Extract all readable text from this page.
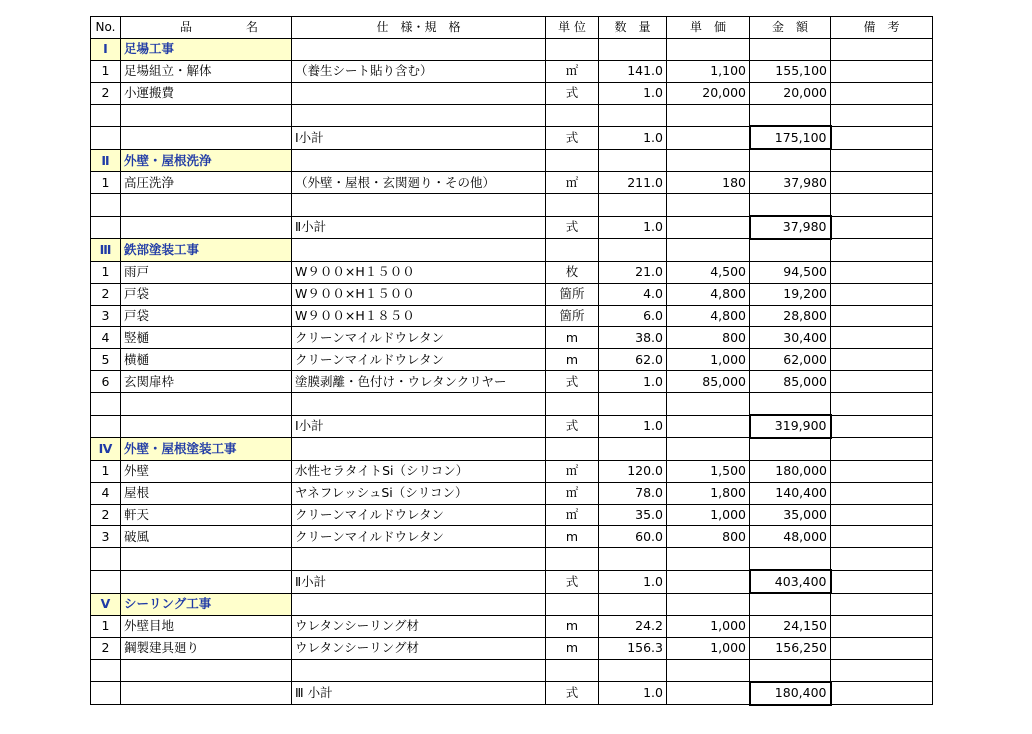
No.	品 名	仕　様・規　格	単 位	数　量	単　価	金　額	備　考
Ⅰ	足場工事						
1	足場組立・解体	（養生シート貼り含む）	㎡	141.0	1,100	155,100	
2	小運搬費		式	1.0	20,000	20,000	

		Ⅰ小計	式	1.0		175,100	
Ⅱ	外壁・屋根洗浄						
1	高圧洗浄	（外壁・屋根・玄関廻り・その他）	㎡	211.0	180	37,980	

		Ⅱ小計	式	1.0		37,980	
Ⅲ	鉄部塗装工事						
1	雨戸	W９００×H１５００	枚	21.0	4,500	94,500	
2	戸袋	W９００×H１５００	箇所	4.0	4,800	19,200	
3	戸袋	W９００×H１８５０	箇所	6.0	4,800	28,800	
4	竪樋	クリーンマイルドウレタン	m	38.0	800	30,400	
5	横樋	クリーンマイルドウレタン	m	62.0	1,000	62,000	
6	玄関扉枠	塗膜剥離・色付け・ウレタンクリヤー	式	1.0	85,000	85,000	

		Ⅰ小計	式	1.0		319,900	
Ⅳ	外壁・屋根塗装工事						
1	外壁	水性セラタイトSi（シリコン）	㎡	120.0	1,500	180,000	
4	屋根	ヤネフレッシュSi（シリコン）	㎡	78.0	1,800	140,400	
2	軒天	クリーンマイルドウレタン	㎡	35.0	1,000	35,000	
3	破風	クリーンマイルドウレタン	m	60.0	800	48,000	

		Ⅱ小計	式	1.0		403,400	
Ⅴ	シーリング工事						
1	外壁目地	ウレタンシーリング材	m	24.2	1,000	24,150	
2	鋼製建具廻り	ウレタンシーリング材	m	156.3	1,000	156,250	

		Ⅲ 小計	式	1.0		180,400	
